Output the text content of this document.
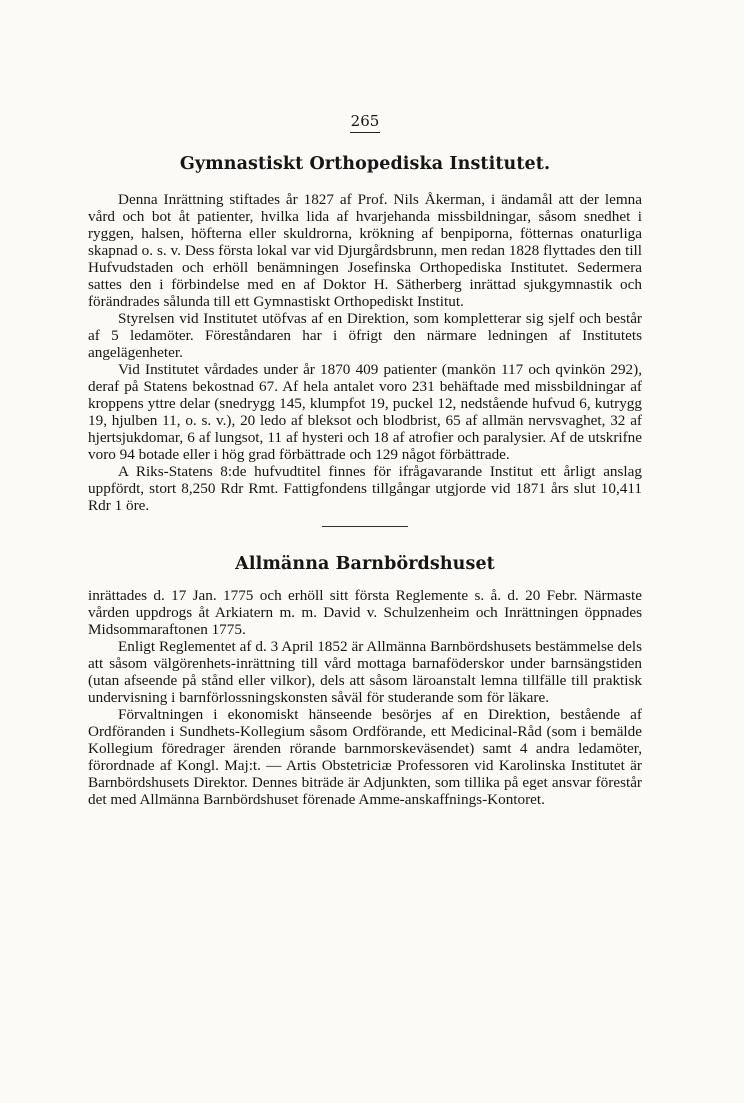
265
Gymnastiskt Orthopediska Institutet.

Denna Inrättning stiftades år 1827 af Prof. Nils Åkerman, i ändamål att der lemna vård och bot åt patienter, hvilka lida af hvarjehanda missbildningar, såsom snedhet i ryggen, halsen, höfterna eller skuldrorna, krökning af benpiporna, fötternas onaturliga skapnad o. s. v. Dess första lokal var vid Djurgårdsbrunn, men redan 1828 flyttades den till Hufvudstaden och erhöll benämningen Josefinska Orthopediska Institutet. Sedermera sattes den i förbindelse med en af Doktor H. Sätherberg inrättad sjukgymnastik och förändrades sålunda till ett Gymnastiskt Orthopediskt Institut.

Styrelsen vid Institutet utöfvas af en Direktion, som kompletterar sig sjelf och består af 5 ledamöter. Föreståndaren har i öfrigt den närmare ledningen af Institutets angelägenheter.

Vid Institutet vårdades under år 1870 409 patienter (mankön 117 och qvinkön 292), deraf på Statens bekostnad 67. Af hela antalet voro 231 behäftade med missbildningar af kroppens yttre delar (snedrygg 145, klumpfot 19, puckel 12, nedstående hufvud 6, kutrygg 19, hjulben 11, o. s. v.), 20 ledo af bleksot och blodbrist, 65 af allmän nervsvaghet, 32 af hjertsjukdomar, 6 af lungsot, 11 af hysteri och 18 af atrofier och paralysier. Af de utskrifne voro 94 botade eller i hög grad förbättrade och 129 något förbättrade.

A Riks-Statens 8:de hufvudtitel finnes för ifrågavarande Institut ett årligt anslag uppfördt, stort 8,250 Rdr Rmt. Fattigfondens tillgångar utgjorde vid 1871 års slut 10,411 Rdr 1 öre.

Allmänna Barnbördshuset

inrättades d. 17 Jan. 1775 och erhöll sitt första Reglemente s. å. d. 20 Febr. Närmaste vården uppdrogs åt Arkiatern m. m. David v. Schulzenheim och Inrättningen öppnades Midsommaraftonen 1775.

Enligt Reglementet af d. 3 April 1852 är Allmänna Barnbördshusets bestämmelse dels att såsom välgörenhets-inrättning till vård mottaga barnaföderskor under barnsängstiden (utan afseende på stånd eller vilkor), dels att såsom läroanstalt lemna tillfälle till praktisk undervisning i barnförlossningskonsten såväl för studerande som för läkare.

Förvaltningen i ekonomiskt hänseende besörjes af en Direktion, bestående af Ordföranden i Sundhets-Kollegium såsom Ordförande, ett Medicinal-Råd (som i bemälde Kollegium föredrager ärenden rörande barnmorskeväsendet) samt 4 andra ledamöter, förordnade af Kongl. Maj:t. — Artis Obstetriciæ Professoren vid Karolinska Institutet är Barnbördshusets Direktor. Dennes biträde är Adjunkten, som tillika på eget ansvar förestår det med Allmänna Barnbördshuset förenade Amme-anskaffnings-Kontoret.
